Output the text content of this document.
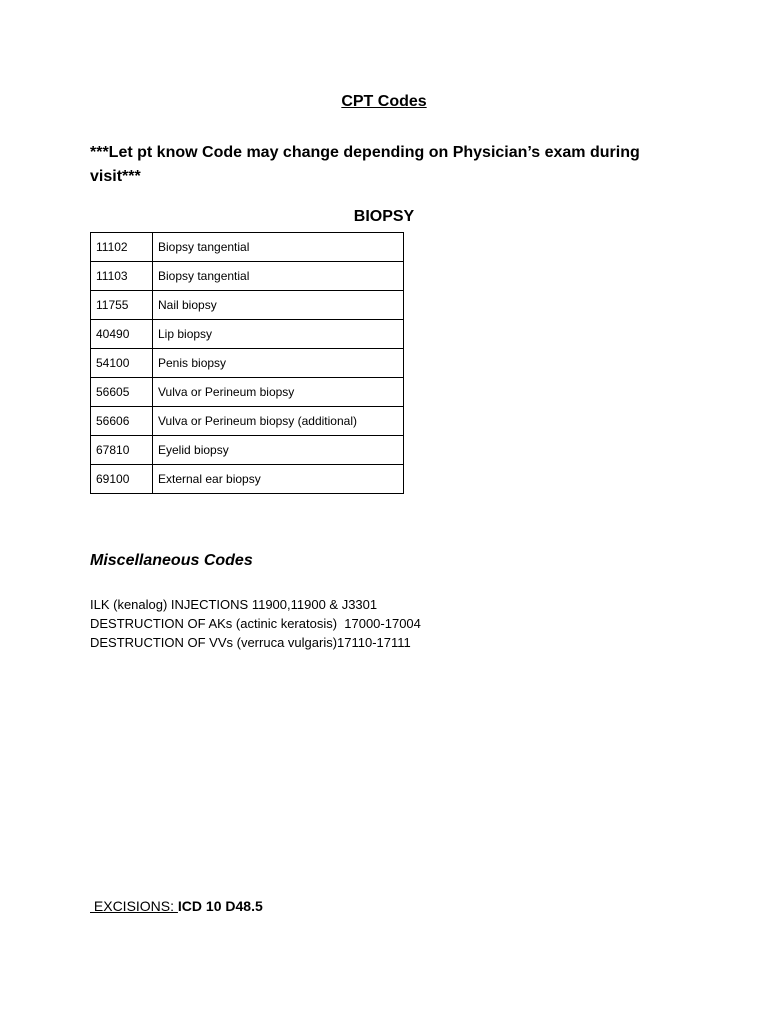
CPT Codes
***Let pt know Code may change depending on Physician’s exam during visit***
BIOPSY
11102	Biopsy tangential
11103	Biopsy tangential
11755	Nail biopsy
40490	Lip biopsy
54100	Penis biopsy
56605	Vulva or Perineum biopsy
56606	Vulva or Perineum biopsy (additional)
67810	Eyelid biopsy
69100	External ear biopsy
Miscellaneous Codes
ILK (kenalog) INJECTIONS 11900,11900 & J3301
DESTRUCTION OF AKs (actinic keratosis)  17000-17004
DESTRUCTION OF VVs (verruca vulgaris)17110-17111
EXCISIONS: ICD 10 D48.5
